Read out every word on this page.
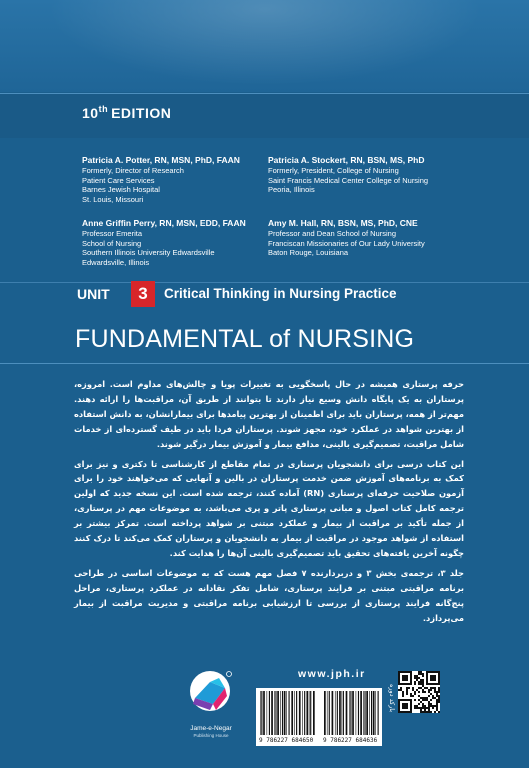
10th EDITION
Patricia A. Potter, RN, MSN, PhD, FAAN
Formerly, Director of Research
Patient Care Services
Barnes Jewish Hospital
St. Louis, Missouri
Patricia A. Stockert, RN, BSN, MS, PhD
Formerly, President, College of Nursing
Saint Francis Medical Center College of Nursing
Peoria, Illinois
Anne Griffin Perry, RN, MSN, EDD, FAAN
Professor Emerita
School of Nursing
Southern Illinois University Edwardsville
Edwardsville, Illinois
Amy M. Hall, RN, BSN, MS, PhD, CNE
Professor and Dean School of Nursing
Franciscan Missionaries of Our Lady University
Baton Rouge, Louisiana
UNIT	3	Critical Thinking in Nursing Practice
FUNDAMENTAL of NURSING

حرفه پرستاری همیشه در حال پاسخگویی به تغییرات پویا و چالش‌های مداوم است. امروزه، پرستاران به یک پایگاه دانش وسیع نیاز دارند تا بتوانند از طریق آن، مراقبت‌ها را ارائه دهند. مهم‌تر از همه، پرستاران باید برای اطمینان از بهترین پیامدها برای بیمارانشان، به دانش استفاده از بهترین شواهد در عملکرد خود، مجهز شوند. پرستاران فردا باید در طیف گسترده‌ای از خدمات شامل مراقبت، تصمیم‌گیری بالینی، مدافع بیمار و آموزش بیمار درگیر شوند.

این کتاب درسی برای دانشجویان پرستاری در تمام مقاطع از کارشناسی تا دکتری و نیز برای کمک به برنامه‌های آموزش ضمن خدمت پرستاران در بالین و آنهایی که می‌خواهند خود را برای آزمون صلاحیت حرفه‌ای پرستاری (RN) آماده کنند، ترجمه شده است. این نسخه جدید که اولین ترجمه کامل کتاب اصول و مبانی پرستاری پاتر و پری می‌باشد، به موضوعات مهم در پرستاری، از جمله تأکید بر مراقبت از بیمار و عملکرد مبتنی بر شواهد پرداخته است. تمرکز بیشتر بر استفاده از شواهد موجود در مراقبت از بیمار به دانشجویان و پرستاران کمک می‌کند تا درک کنند چگونه آخرین یافته‌های تحقیق باید تصمیم‌گیری بالینی آن‌ها را هدایت کند.

جلد ۳، ترجمه‌ی بخش ۳ و دربردارنده ۷ فصل مهم هست که به موضوعات اساسی در طراحی برنامه مراقبتی مبتنی بر فرایند پرستاری، شامل تفکر نقادانه در عملکرد پرستاری، مراحل پنج‌گانه فرایند پرستاری از بررسی تا ارزشیابی برنامه مراقبتی و مدیریت مراقبت از بیمار می‌پردازد.

Jame-e-Negar
Publishing House
www.jph.ir
9 786227 684650 9 786227 684636
بارکد دوره
